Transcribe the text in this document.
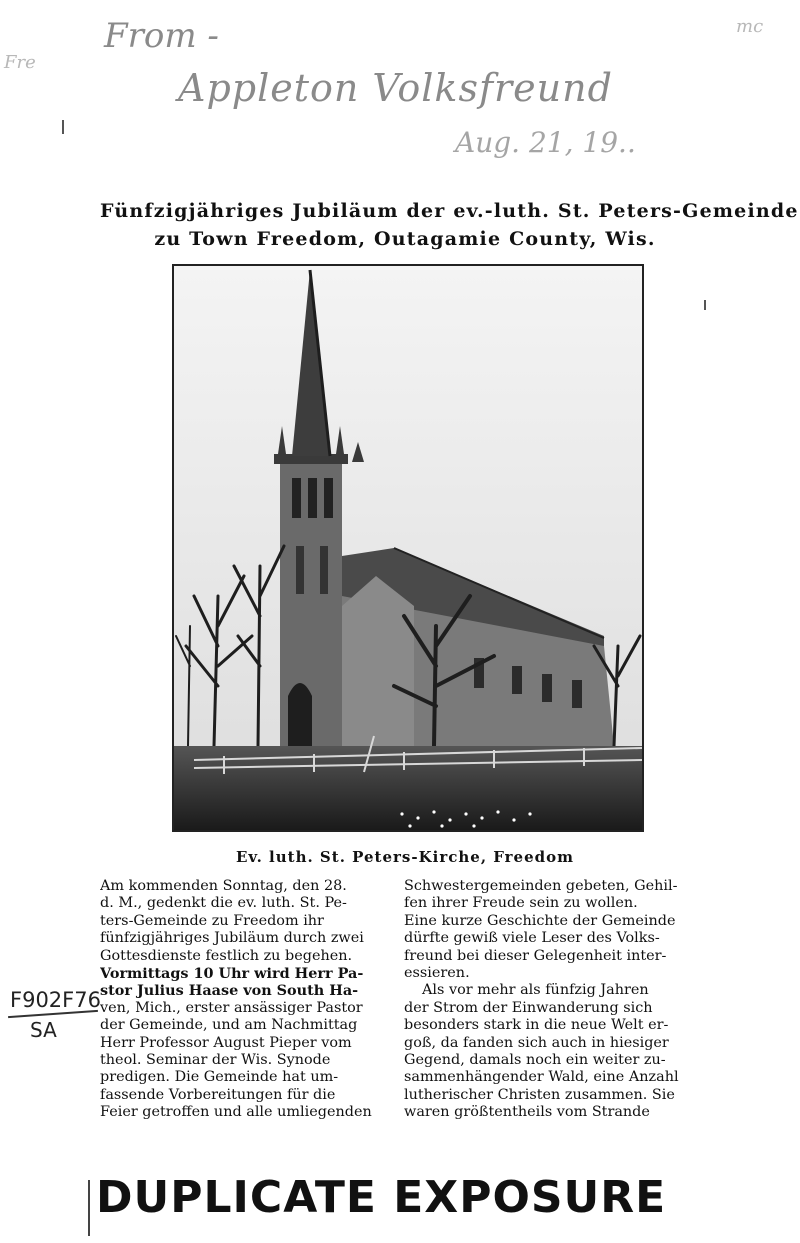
From -
Appleton Volksfreund
Aug. 21, 19..
Fre
mc
Fünfzigjähriges Jubiläum der ev.-luth. St. Peters-Gemeinde
zu Town Freedom, Outagamie County, Wis.
Ev. luth. St. Peters-Kirche, Freedom
Am kommenden Sonntag, den 28.
d. M., gedenkt die ev. luth. St. Pe-
ters-Gemeinde zu Freedom ihr
fünfzigjähriges Jubiläum durch zwei
Gottesdienste festlich zu begehen.
Vormittags 10 Uhr wird Herr Pa-
stor Julius Haase von South Ha-
ven, Mich., erster ansässiger Pastor
der Gemeinde, und am Nachmittag
Herr Professor August Pieper vom
theol. Seminar der Wis. Synode
predigen. Die Gemeinde hat um-
fassende Vorbereitungen für die
Feier getroffen und alle umliegenden
Schwestergemeinden gebeten, Gehil-
fen ihrer Freude sein zu wollen.
Eine kurze Geschichte der Gemeinde
dürfte gewiß viele Leser des Volks-
freund bei dieser Gelegenheit inter-
essieren.
Als vor mehr als fünfzig Jahren
der Strom der Einwanderung sich
besonders stark in die neue Welt er-
goß, da fanden sich auch in hiesiger
Gegend, damals noch ein weiter zu-
sammenhängender Wald, eine Anzahl
lutherischer Christen zusammen. Sie
waren größtentheils vom Strande
F902F76
SA
DUPLICATE EXPOSURE
